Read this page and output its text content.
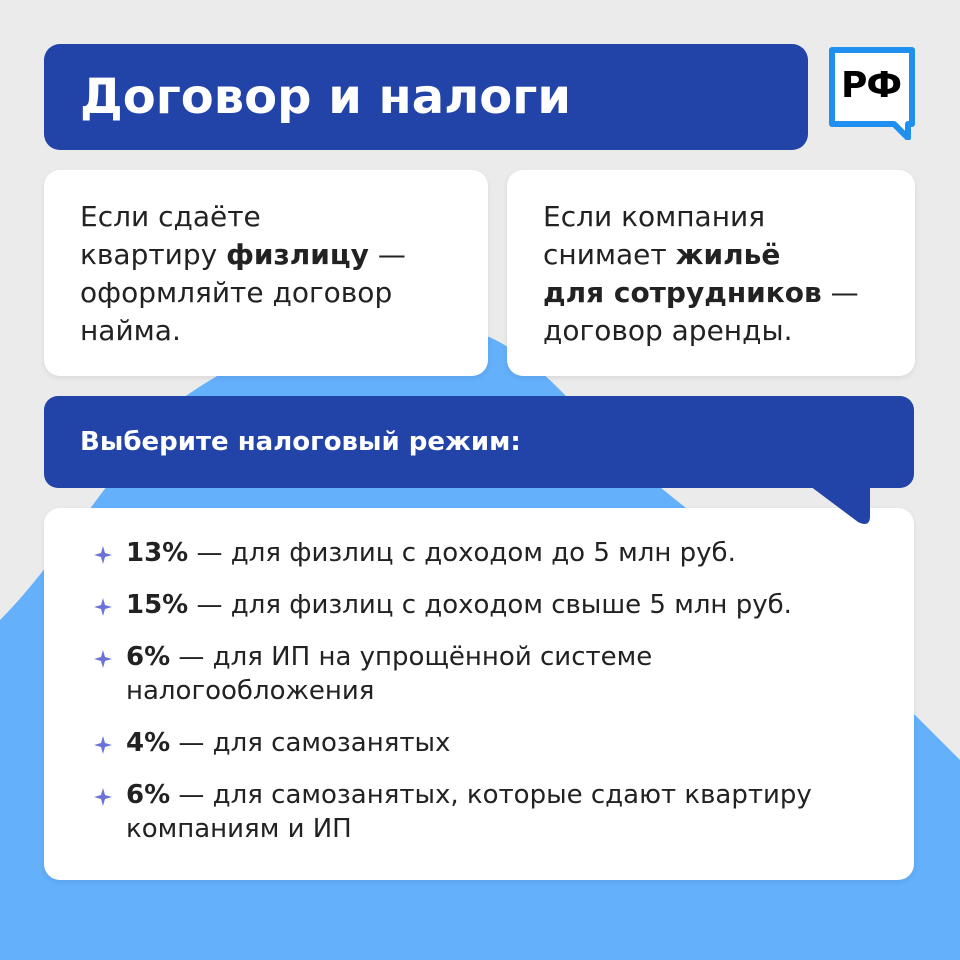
Договор и налоги	РФ
Если сдаёте
квартиру физлицу —
оформляйте договор
найма.
Если компания
снимает жильё
для сотрудников —
договор аренды.
13% — для физлиц с доходом до 5 млн руб.
15% — для физлиц с доходом свыше 5 млн руб.
6% — для ИП на упрощённой системе
налогообложения
4% — для самозанятых
6% — для самозанятых, которые сдают квартиру
компаниям и ИП
Выберите налоговый режим:
